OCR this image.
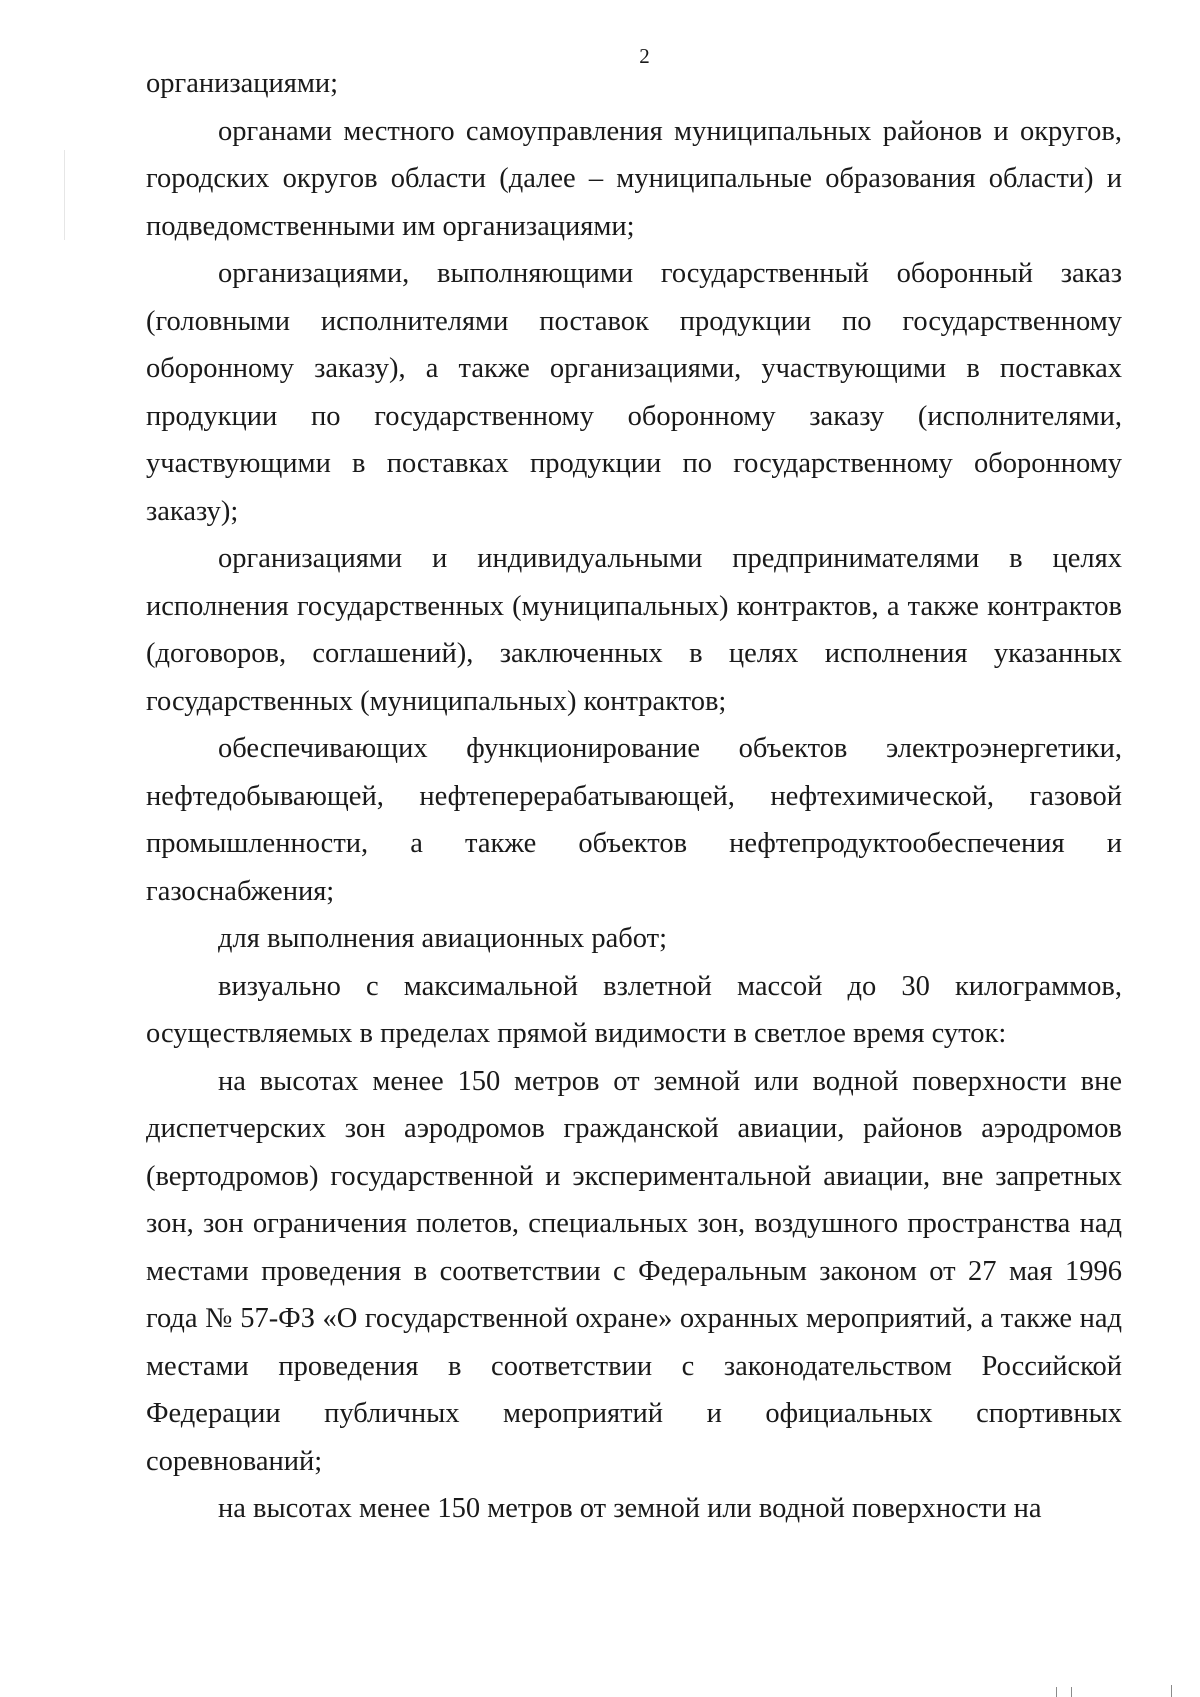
2

организациями;

органами местного самоуправления муниципальных районов и округов, городских округов области (далее – муниципальные образования области) и подведомственными им организациями;

организациями, выполняющими государственный оборонный заказ (головными исполнителями поставок продукции по государственному оборонному заказу), а также организациями, участвующими в поставках продукции по государственному оборонному заказу (исполнителями, участвующими в поставках продукции по государственному оборонному заказу);

организациями и индивидуальными предпринимателями в целях исполнения государственных (муниципальных) контрактов, а также контрактов (договоров, соглашений), заключенных в целях исполнения указанных государственных (муниципальных) контрактов;

обеспечивающих функционирование объектов электроэнергетики, нефтедобывающей, нефтеперерабатывающей, нефтехимической, газовой промышленности, а также объектов нефтепродуктообеспечения и газоснабжения;

для выполнения авиационных работ;

визуально с максимальной взлетной массой до 30 килограммов, осуществляемых в пределах прямой видимости в светлое время суток:

на высотах менее 150 метров от земной или водной поверхности вне диспетчерских зон аэродромов гражданской авиации, районов аэродромов (вертодромов) государственной и экспериментальной авиации, вне запретных зон, зон ограничения полетов, специальных зон, воздушного пространства над местами проведения в соответствии с Федеральным законом от 27 мая 1996 года № 57-ФЗ «О государственной охране» охранных мероприятий, а также над местами проведения в соответствии с законодательством Российской Федерации публичных мероприятий и официальных спортивных соревнований;

на высотах менее 150 метров от земной или водной поверхности на
